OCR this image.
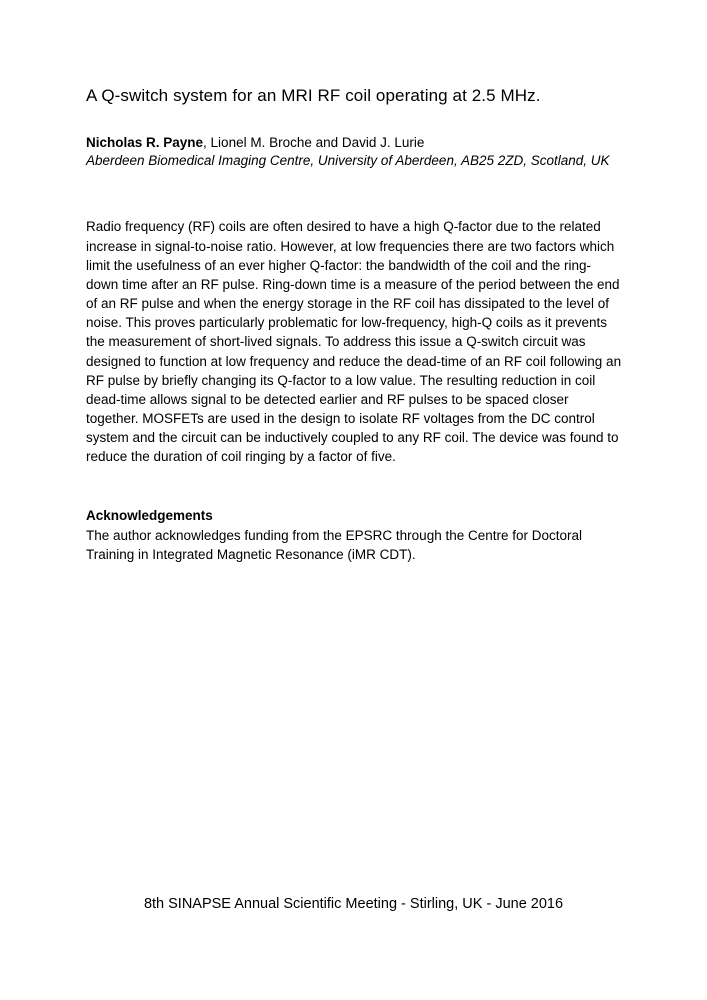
A Q-switch system for an MRI RF coil operating at 2.5 MHz.

Nicholas R. Payne, Lionel M. Broche and David J. Lurie

Aberdeen Biomedical Imaging Centre, University of Aberdeen, AB25 2ZD, Scotland, UK

Radio frequency (RF) coils are often desired to have a high Q-factor due to the related increase in signal-to-noise ratio. However, at low frequencies there are two factors which limit the usefulness of an ever higher Q-factor: the bandwidth of the coil and the ring-down time after an RF pulse. Ring-down time is a measure of the period between the end of an RF pulse and when the energy storage in the RF coil has dissipated to the level of noise. This proves particularly problematic for low-frequency, high-Q coils as it prevents the measurement of short-lived signals. To address this issue a Q-switch circuit was designed to function at low frequency and reduce the dead-time of an RF coil following an RF pulse by briefly changing its Q-factor to a low value. The resulting reduction in coil dead-time allows signal to be detected earlier and RF pulses to be spaced closer together. MOSFETs are used in the design to isolate RF voltages from the DC control system and the circuit can be inductively coupled to any RF coil. The device was found to reduce the duration of coil ringing by a factor of five.

Acknowledgements

The author acknowledges funding from the EPSRC through the Centre for Doctoral Training in Integrated Magnetic Resonance (iMR CDT).

8th SINAPSE Annual Scientific Meeting - Stirling, UK - June 2016
